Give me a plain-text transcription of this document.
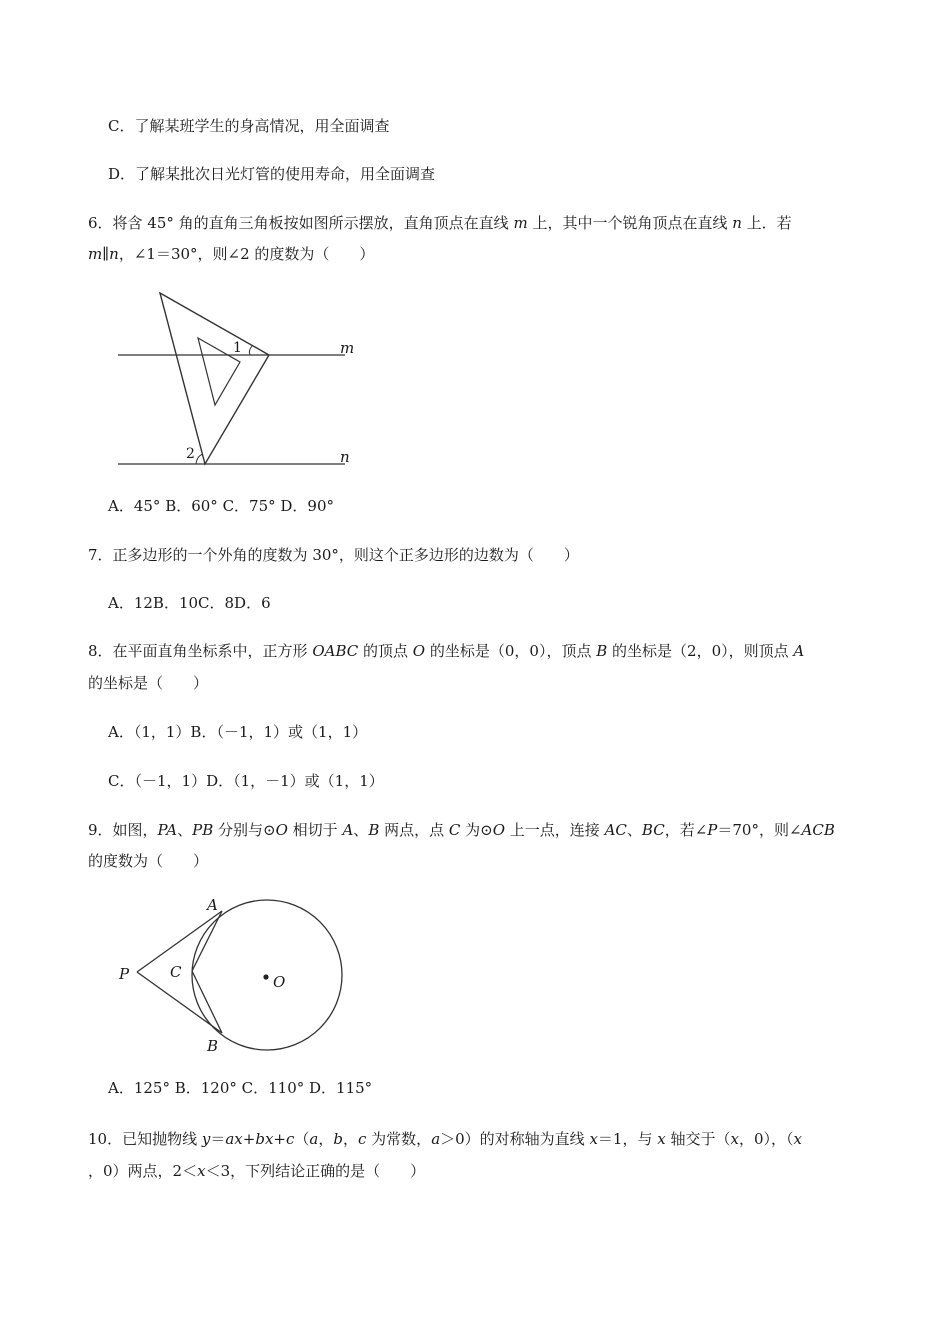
C．了解某班学生的身高情况，用全面调查
D．了解某批次日光灯管的使用寿命，用全面调查
6．将含 45° 角的直角三角板按如图所示摆放，直角顶点在直线 m 上，其中一个锐角顶点在直线 n 上．若
m∥n，∠1＝30°，则∠2 的度数为（　　）
1
2
m
n
A．45° B．60° C．75° D．90°
7．正多边形的一个外角的度数为 30°，则这个正多边形的边数为（　　）
A．12B．10C．8D．6
8．在平面直角坐标系中，正方形 OABC 的顶点 O 的坐标是（0，0），顶点 B 的坐标是（2，0），则顶点 A
的坐标是（　　）
A．（1，1）B．（－1，1）或（1，1）
C．（－1，1）D．（1，－1）或（1，1）
9．如图，PA、PB 分别与⊙O 相切于 A、B 两点，点 C 为⊙O 上一点，连接 AC、BC，若∠P＝70°，则∠ACB
的度数为（　　）
A
B
C
P	O
A．125° B．120° C．110° D．115°
10．已知抛物线 y＝ax+bx+c（a，b，c 为常数，a＞0）的对称轴为直线 x＝1，与 x 轴交于（x，0），（x
，0）两点，2＜x＜3，下列结论正确的是（　　）
